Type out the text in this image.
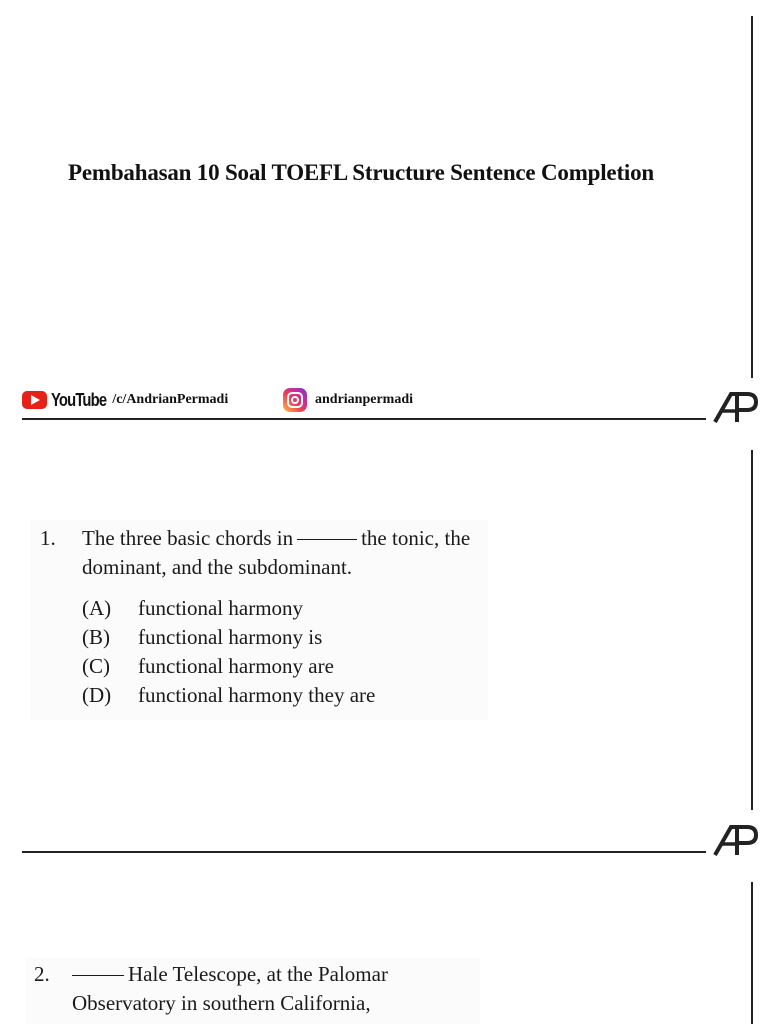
Pembahasan 10 Soal TOEFL Structure Sentence Completion
YouTube /c/AndrianPermadi	andrianpermadi
1.	The three basic chords in	the tonic, the dominant, and the subdominant.
(A)	functional harmony
(B)	functional harmony is
(C)	functional harmony are
(D)	functional harmony they are
2.	Hale Telescope, at the Palomar Observatory in southern California,
